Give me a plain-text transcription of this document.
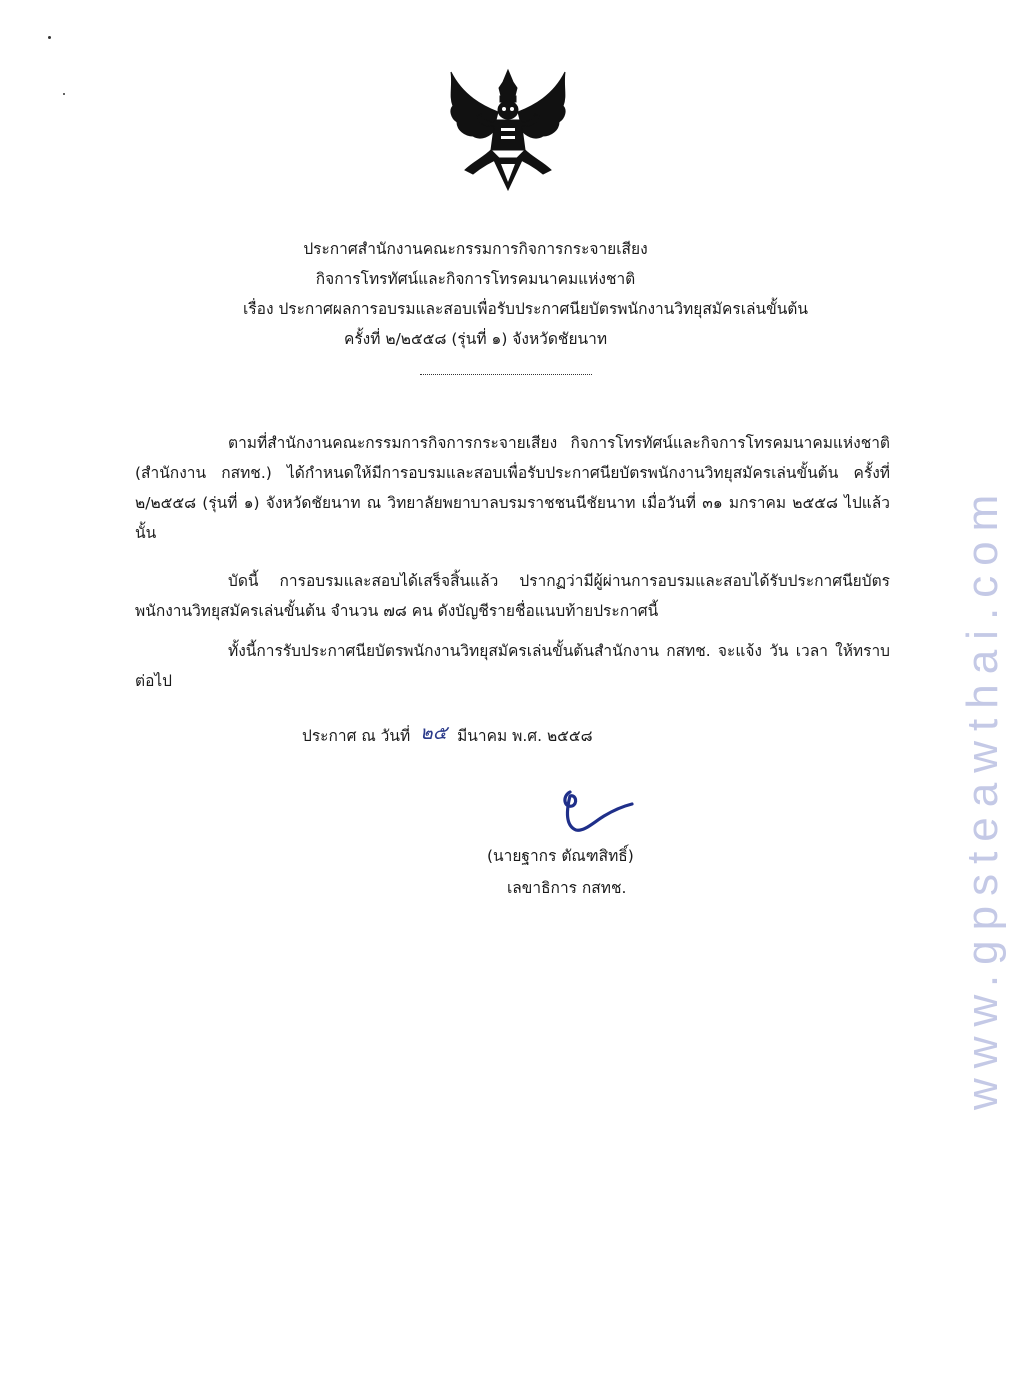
ประกาศสำนักงานคณะกรรมการกิจการกระจายเสียง
กิจการโทรทัศน์และกิจการโทรคมนาคมแห่งชาติ
เรื่อง ประกาศผลการอบรมและสอบเพื่อรับประกาศนียบัตรพนักงานวิทยุสมัครเล่นขั้นต้น
ครั้งที่ ๒/๒๕๕๘ (รุ่นที่ ๑) จังหวัดชัยนาท
ตามที่สำนักงานคณะกรรมการกิจการกระจายเสียง กิจการโทรทัศน์และกิจการโทรคมนาคมแห่งชาติ (สำนักงาน กสทช.) ได้กำหนดให้มีการอบรมและสอบเพื่อรับประกาศนียบัตรพนักงานวิทยุสมัครเล่นขั้นต้น ครั้งที่ ๒/๒๕๕๘ (รุ่นที่ ๑) จังหวัดชัยนาท ณ วิทยาลัยพยาบาลบรมราชชนนีชัยนาท เมื่อวันที่ ๓๑ มกราคม ๒๕๕๘ ไปแล้ว นั้น
บัดนี้ การอบรมและสอบได้เสร็จสิ้นแล้ว ปรากฏว่ามีผู้ผ่านการอบรมและสอบได้รับประกาศนียบัตรพนักงานวิทยุสมัครเล่นขั้นต้น จำนวน ๗๘ คน ดังบัญชีรายชื่อแนบท้ายประกาศนี้
ทั้งนี้การรับประกาศนียบัตรพนักงานวิทยุสมัครเล่นขั้นต้นสำนักงาน กสทช. จะแจ้ง วัน เวลา ให้ทราบต่อไป
ประกาศ ณ วันที่ ๒๕ มีนาคม พ.ศ. ๒๕๕๘
(นายฐากร ตัณฑสิทธิ์)
เลขาธิการ กสทช.	www.gpsteawthai.com
